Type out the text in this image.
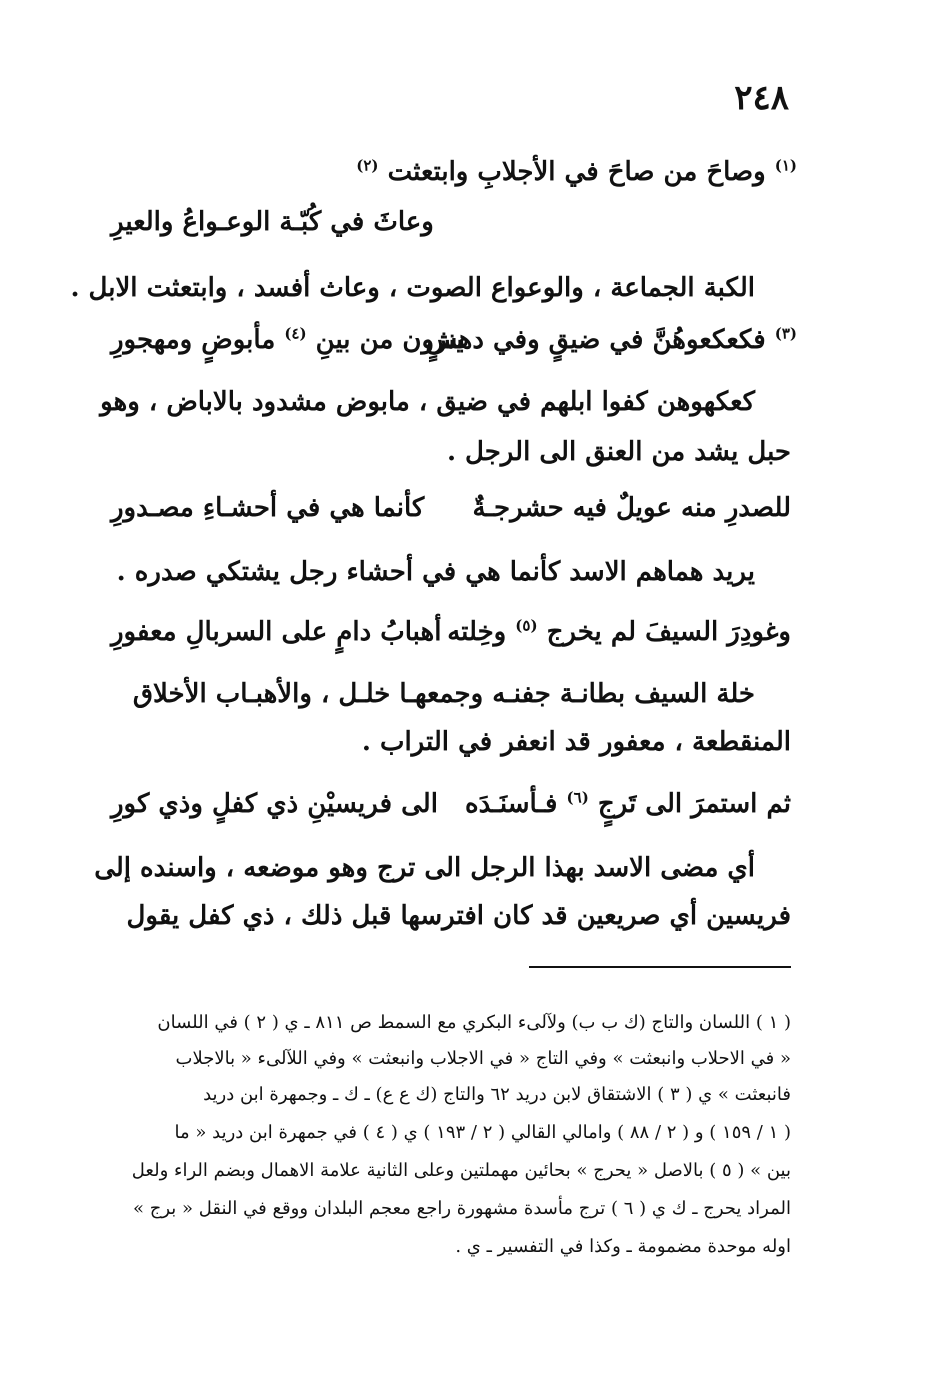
٢٤٨
$^{(١)}$ وصاحَ من صاحَ في الأجلابِ وابتعثت $^{(٢)}$
وعاثَ في كُبّـة الوعـواعُ والعيرِ
الكبة الجماعة ، والوعواع الصوت ، وعاث أفسد ، وابتعثت الابل .
$^{(٣)}$ فكعكعوهُنَّ في ضيقٍ وفي دهشٍ
ينزون من بينِ $^{(٤)}$ مأبوضٍ ومهجورِ
كعكهوهن كفوا ابلهم في ضيق ، مابوض مشدود بالاباض ، وهو
حبل يشد من العنق الى الرجل .
للصدرِ منه عويلٌ فيه حشرجـةٌ
كأنما هي في أحشـاءِ مصـدورِ
يريد هماهم الاسد كأنما هي في أحشاء رجل يشتكي صدره .
وغودِرَ السيفَ لم يخرج $^{(٥)}$ وخِلته
أهبابُ دامٍ على السربالِ معفورِ
خلة السيف بطانـة جفنـه وجمعهـا خلـل ، والأهبـاب الأخلاق
المنقطعة ، معفور قد انعفر في التراب .
ثم استمرَ الى تَرجٍ $^{(٦)}$ فـأسنَـدَه
الى فريسيْنِ ذي كفلٍ وذي كورِ
أي مضى الاسد بهذا الرجل الى ترج وهو موضعه ، واسنده إلى
فريسين أي صريعين قد كان افترسها قبل ذلك ، ذي كفل يقول
( ١ ) اللسان والتاج (ك ب ب) ولآلىء البكري مع السمط ص ٨١١ ـ ي ( ٢ ) في اللسان
« في الاحلاب وانبعثت » وفي التاج « في الاجلاب وانبعثت » وفي اللآلىء « بالاجلاب
فانبعثت » ي ( ٣ ) الاشتقاق لابن دريد ٦٢ والتاج (ك ع ع) ـ ك ـ وجمهرة ابن دريد
( ١ / ١٥٩ ) و ( ٢ / ٨٨ ) وامالي القالي ( ٢ / ١٩٣ ) ي ( ٤ ) في جمهرة ابن دريد « ما
بين » ( ٥ ) بالاصل « يحرج » بحائين مهملتين وعلى الثانية علامة الاهمال وبضم الراء ولعل
المراد يحرج ـ ك ي ( ٦ ) ترج مأسدة مشهورة راجع معجم البلدان ووقع في النقل « برج »
اوله موحدة مضمومة ـ وكذا في التفسير ـ ي .
